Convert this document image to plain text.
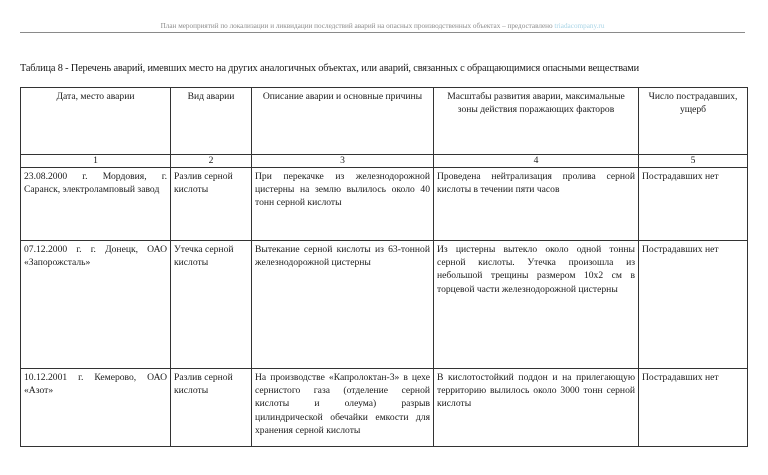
План мероприятий по локализации и ликвидации последствий аварий на опасных производственных объектах – предоставлено triadacompany.ru
Таблица 8 - Перечень аварий, имевших место на других аналогичных объектах, или аварий, связанных с обращающимися опасными веществами
Дата, место аварии	Вид аварии	Описание аварии и основные причины	Масштабы развития аварии, максимальные зоны действия поражающих факторов	Число пострадавших, ущерб
1	2	3	4	5
23.08.2000 г. Мордовия, г. Саранск, электроламповый завод	Разлив серной кислоты	При перекачке из железнодорожной цистерны на землю вылилось около 40 тонн серной кислоты	Проведена нейтрализация пролива серной кислоты в течении пяти часов	Пострадавших нет
07.12.2000 г. г. Донецк, ОАО «Запорожсталь»	Утечка серной кислоты	Вытекание серной кислоты из 63-тонной железнодорожной цистерны	Из цистерны вытекло около одной тонны серной кислоты. Утечка произошла из небольшой трещины размером 10х2 см в торцевой части железнодорожной цистерны	Пострадавших нет
10.12.2001 г. Кемерово, ОАО «Азот»	Разлив серной кислоты	На производстве «Капролоктан-3» в цехе сернистого газа (отделение серной кислоты и олеума) разрыв цилиндрической обечайки емкости для хранения серной кислоты	В кислотостойкий поддон и на прилегающую территорию вылилось около 3000 тонн серной кислоты	Пострадавших нет
